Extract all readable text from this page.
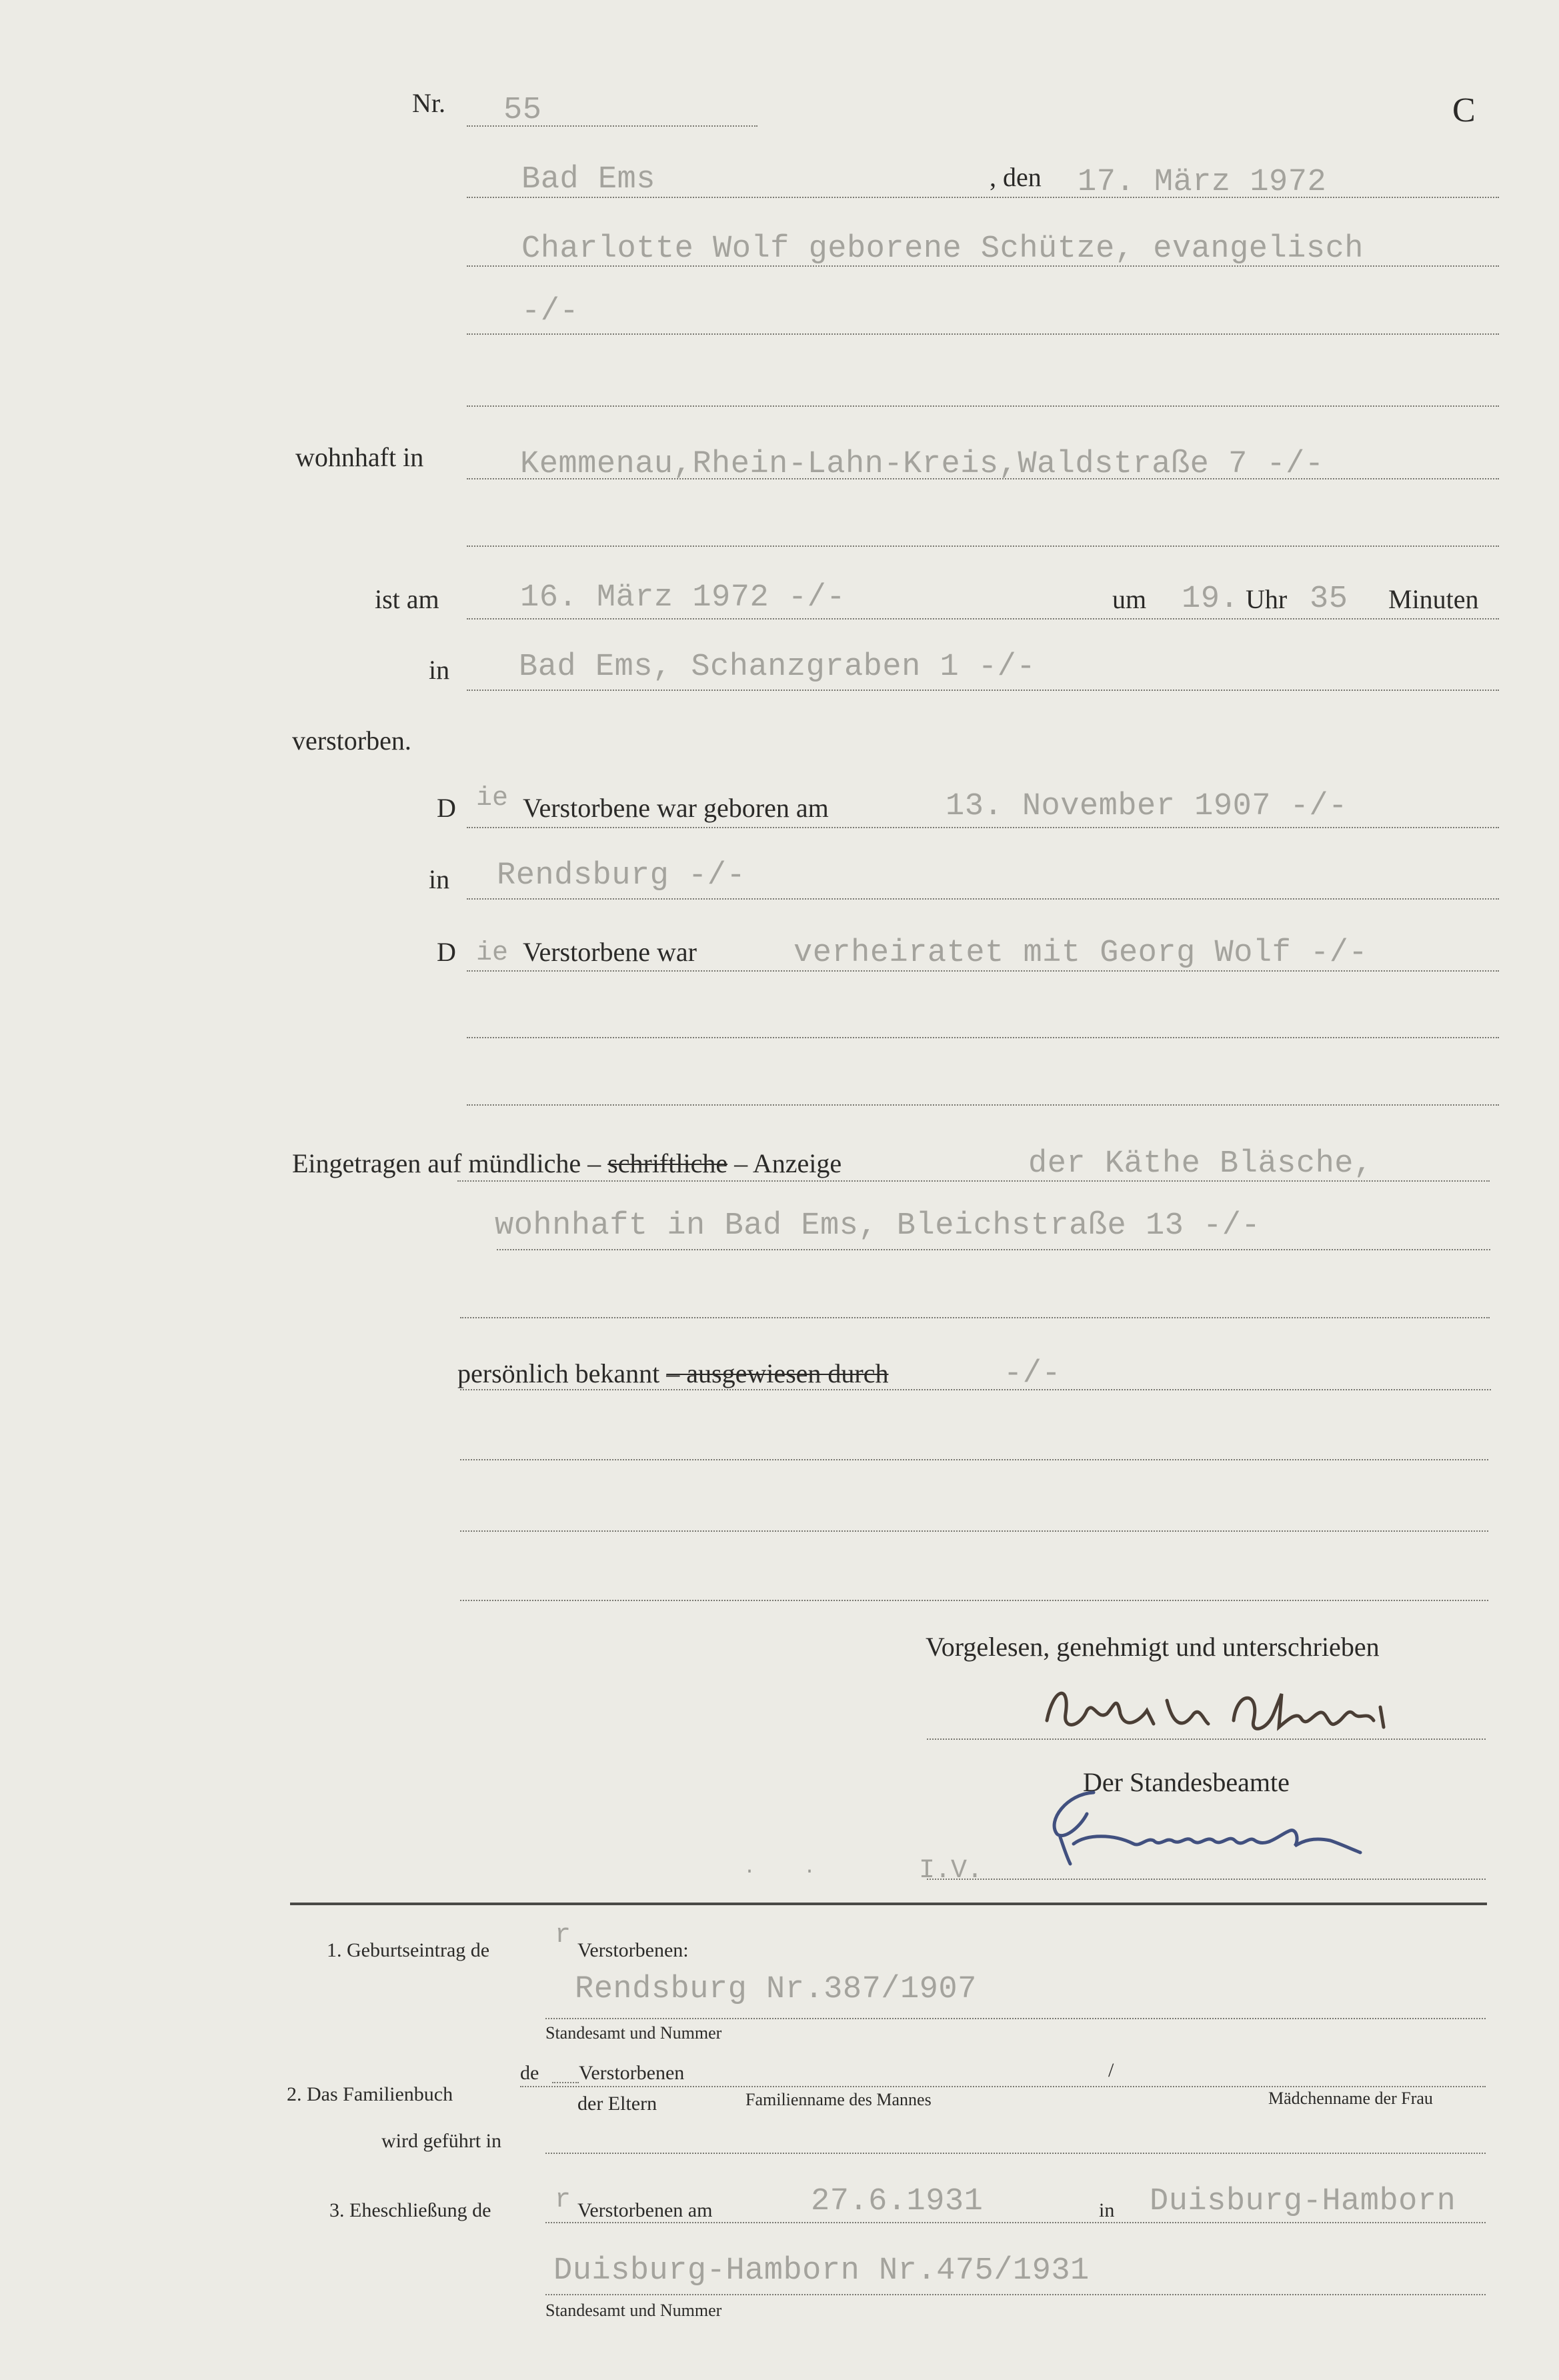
Nr. 55	C
Bad Ems	, den 17. März 1972
Charlotte Wolf geborene Schütze, evangelisch
-/-
wohnhaft in	Kemmenau,Rhein-Lahn-Kreis,Waldstraße 7 -/-
ist am	16. März 1972 -/-	um 19. Uhr 35 Minuten
in Bad Ems, Schanzgraben 1 -/-
verstorben.
D ie Verstorbene war geboren am	13. November 1907 -/-
in Rendsburg -/-
D ie Verstorbene war	verheiratet mit Georg Wolf -/-
Eingetragen auf mündliche – schriftliche – Anzeige	der Käthe Bläsche,
wohnhaft in Bad Ems, Bleichstraße 13 -/-
persönlich bekannt – ausgewiesen durch	-/-
Vorgelesen, genehmigt und unterschrieben
Der Standesbeamte
I.V.
.    .
1. Geburtseintrag de r Verstorbenen:
Rendsburg Nr.387/1907
Standesamt und Nummer
2. Das Familienbuch
de Verstorbenen	/
der Eltern	Familienname des Mannes	Mädchenname der Frau
wird geführt in
3. Eheschließung de r Verstorbenen am	27.6.1931	in Duisburg-Hamborn
Duisburg-Hamborn Nr.475/1931
Standesamt und Nummer
